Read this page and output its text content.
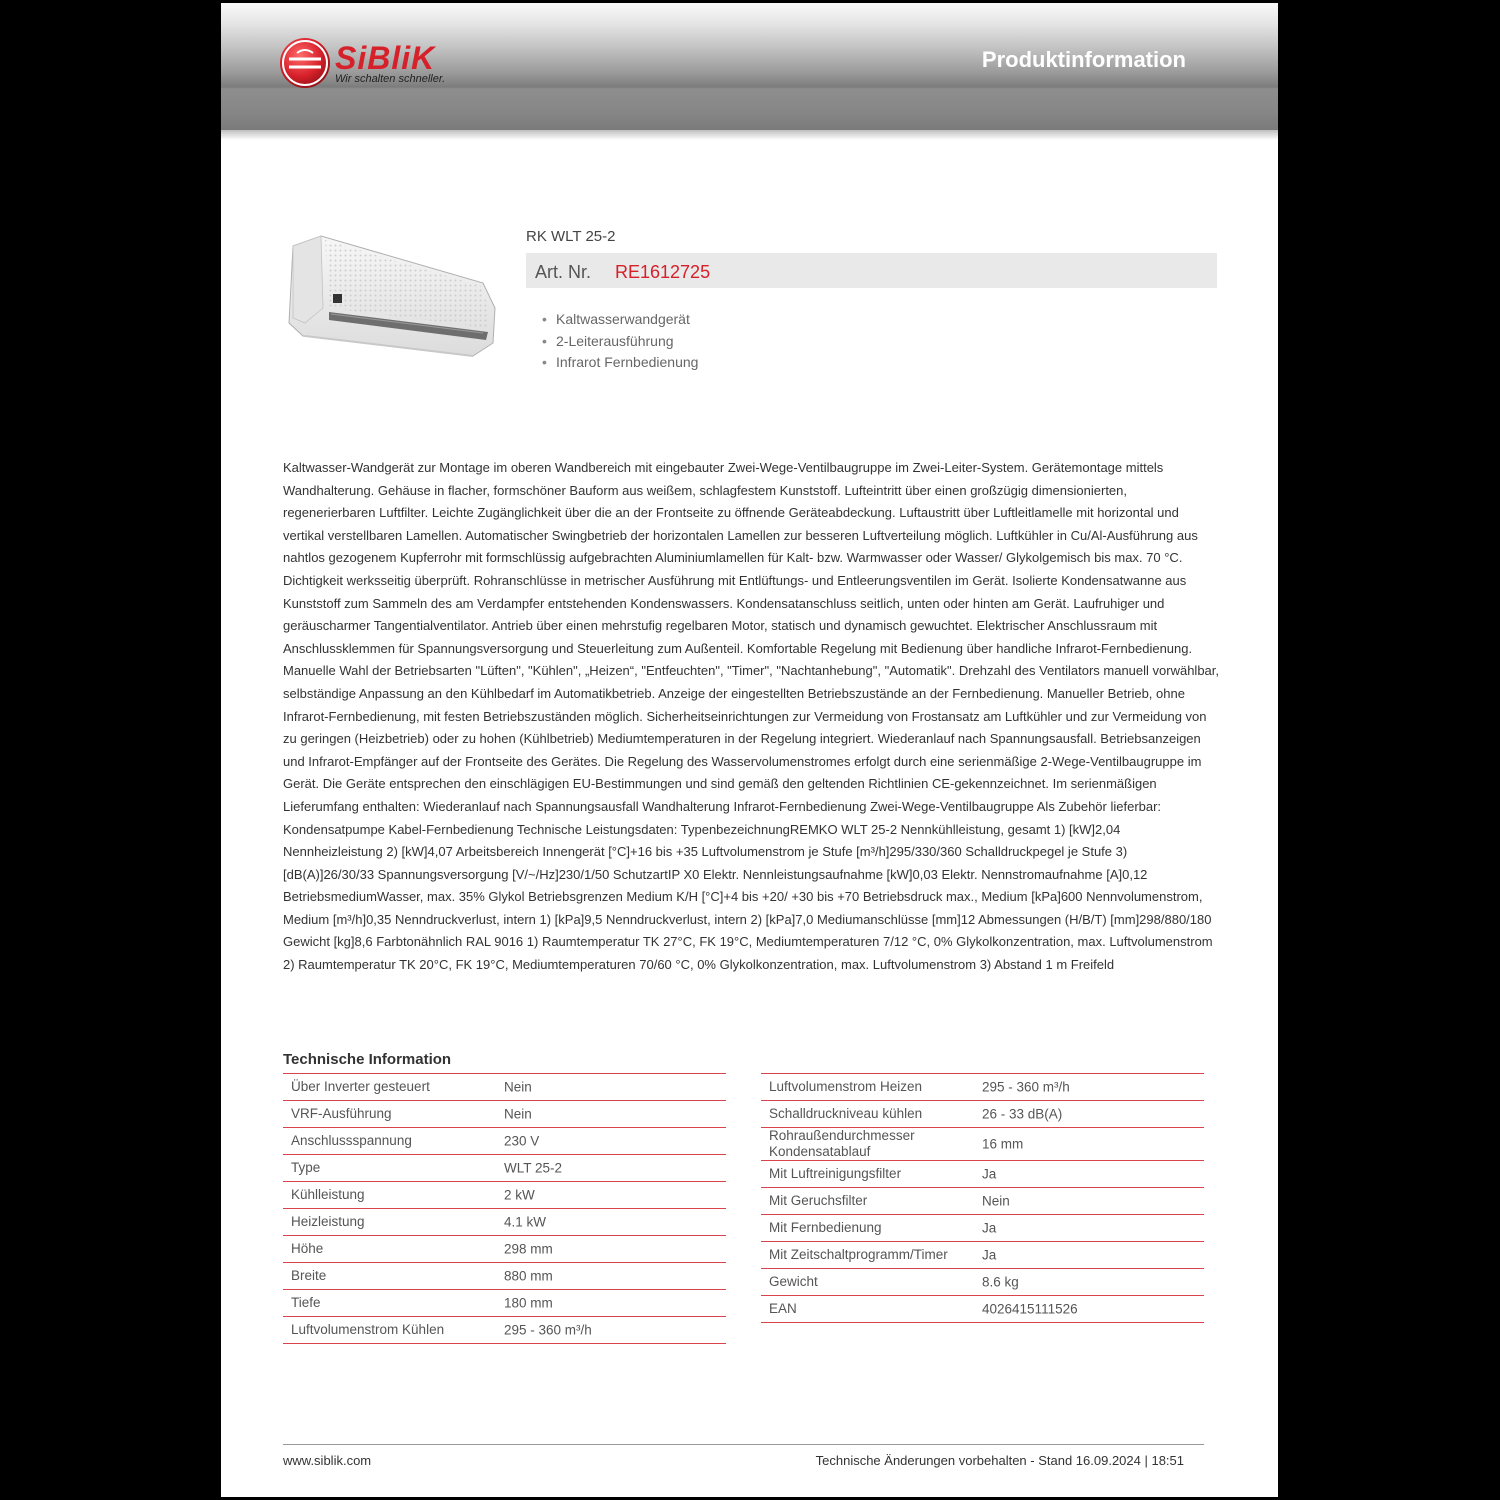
SiBliK
Wir schalten schneller.
Produktinformation
RK WLT 25-2
Art. Nr. RE1612725
• Kaltwasserwandgerät
• 2-Leiterausführung
• Infrarot Fernbedienung

Kaltwasser-Wandgerät zur Montage im oberen Wandbereich mit eingebauter Zwei-Wege-Ventilbaugruppe im Zwei-Leiter-System. Gerätemontage mittels Wandhalterung. Gehäuse in flacher, formschöner Bauform aus weißem, schlagfestem Kunststoff. Lufteintritt über einen großzügig dimensionierten, regenerierbaren Luftfilter. Leichte Zugänglichkeit über die an der Frontseite zu öffnende Geräteabdeckung. Luftaustritt über Luftleitlamelle mit horizontal und vertikal verstellbaren Lamellen. Automatischer Swingbetrieb der horizontalen Lamellen zur besseren Luftverteilung möglich. Luftkühler in Cu/Al-Ausführung aus nahtlos gezogenem Kupferrohr mit formschlüssig aufgebrachten Aluminiumlamellen für Kalt- bzw. Warmwasser oder Wasser/ Glykolgemisch bis max. 70 °C. Dichtigkeit werksseitig überprüft. Rohranschlüsse in metrischer Ausführung mit Entlüftungs- und Entleerungsventilen im Gerät. Isolierte Kondensatwanne aus Kunststoff zum Sammeln des am Verdampfer entstehenden Kondenswassers. Kondensatanschluss seitlich, unten oder hinten am Gerät. Laufruhiger und geräuscharmer Tangentialventilator. Antrieb über einen mehrstufig regelbaren Motor, statisch und dynamisch gewuchtet. Elektrischer Anschlussraum mit Anschlussklemmen für Spannungsversorgung und Steuerleitung zum Außenteil. Komfortable Regelung mit Bedienung über handliche Infrarot-Fernbedienung. Manuelle Wahl der Betriebsarten "Lüften", "Kühlen", „Heizen“, "Entfeuchten", "Timer", "Nachtanhebung", "Automatik". Drehzahl des Ventilators manuell vorwählbar, selbständige Anpassung an den Kühlbedarf im Automatikbetrieb. Anzeige der eingestellten Betriebszustände an der Fernbedienung. Manueller Betrieb, ohne Infrarot-Fernbedienung, mit festen Betriebszuständen möglich. Sicherheitseinrichtungen zur Vermeidung von Frostansatz am Luftkühler und zur Vermeidung von zu geringen (Heizbetrieb) oder zu hohen (Kühlbetrieb) Mediumtemperaturen in der Regelung integriert. Wiederanlauf nach Spannungsausfall. Betriebsanzeigen und Infrarot-Empfänger auf der Frontseite des Gerätes. Die Regelung des Wasservolumenstromes erfolgt durch eine serienmäßige 2-Wege-Ventilbaugruppe im Gerät. Die Geräte entsprechen den einschlägigen EU-Bestimmungen und sind gemäß den geltenden Richtlinien CE-gekennzeichnet. Im serienmäßigen Lieferumfang enthalten: Wiederanlauf nach Spannungsausfall Wandhalterung Infrarot-Fernbedienung Zwei-Wege-Ventilbaugruppe Als Zubehör lieferbar: Kondensatpumpe Kabel-Fernbedienung Technische Leistungsdaten: TypenbezeichnungREMKO WLT 25-2 Nennkühlleistung, gesamt 1) [kW]2,04 Nennheizleistung 2) [kW]4,07 Arbeitsbereich Innengerät [°C]+16 bis +35 Luftvolumenstrom je Stufe [m³/h]295/330/360 Schalldruckpegel je Stufe 3) [dB(A)]26/30/33 Spannungsversorgung [V/~/Hz]230/1/50 SchutzartIP X0 Elektr. Nennleistungsaufnahme [kW]0,03 Elektr. Nennstromaufnahme [A]0,12 BetriebsmediumWasser, max. 35% Glykol Betriebsgrenzen Medium K/H [°C]+4 bis +20/ +30 bis +70 Betriebsdruck max., Medium [kPa]600 Nennvolumenstrom, Medium [m³/h]0,35 Nenndruckverlust, intern 1) [kPa]9,5 Nenndruckverlust, intern 2) [kPa]7,0 Mediumanschlüsse [mm]12 Abmessungen (H/B/T) [mm]298/880/180 Gewicht [kg]8,6 Farbtonähnlich RAL 9016 1) Raumtemperatur TK 27°C, FK 19°C, Mediumtemperaturen 7/12 °C, 0% Glykolkonzentration, max. Luftvolumenstrom 2) Raumtemperatur TK 20°C, FK 19°C, Mediumtemperaturen 70/60 °C, 0% Glykolkonzentration, max. Luftvolumenstrom 3) Abstand 1 m Freifeld

Technische Information
Über Inverter gesteuert	Nein
VRF-Ausführung	Nein
Anschlussspannung	230 V
Type	WLT 25-2
Kühlleistung	2 kW
Heizleistung	4.1 kW
Höhe	298 mm
Breite	880 mm
Tiefe	180 mm
Luftvolumenstrom Kühlen	295 - 360 m³/h
Luftvolumenstrom Heizen	295 - 360 m³/h
Schalldruckniveau kühlen	26 - 33 dB(A)
Rohraußendurchmesser Kondensatablauf	16 mm
Mit Luftreinigungsfilter	Ja
Mit Geruchsfilter	Nein
Mit Fernbedienung	Ja
Mit Zeitschaltprogramm/Timer	Ja
Gewicht	8.6 kg
EAN	4026415111526
www.siblik.com	Technische Änderungen vorbehalten - Stand 16.09.2024 | 18:51
